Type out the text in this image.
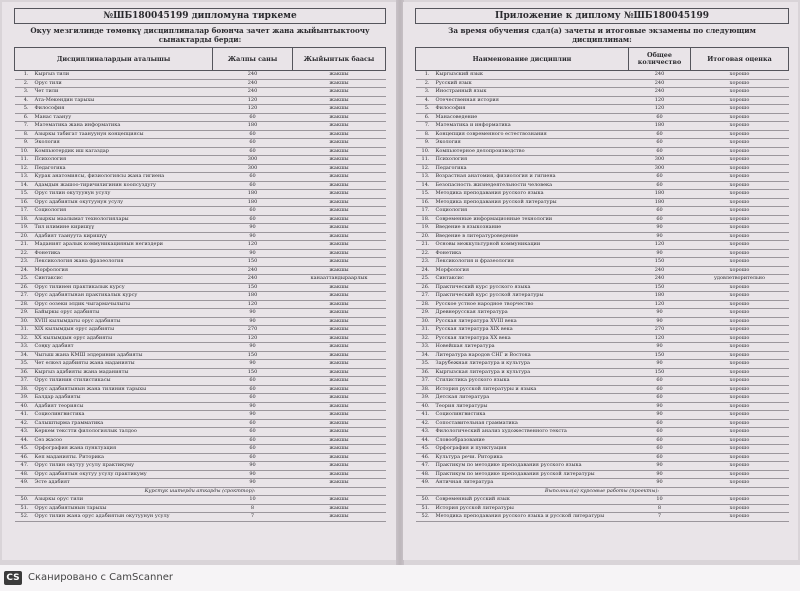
№ШБ180045199 дипломуна тиркеме
Окуу мезгилинде төмөнкү дисциплиналар боюнча зачет жана жыйынтыктоочу сынактарды берди:
Дисциплиналардын аталышы		Жалпы саны	Жыйынтык баасы
1.	Кыргыз тили	240	жакшы
2.	Орус тили	240	жакшы
3.	Чет тили	240	жакшы
4.	Ата-Мекендин тарыхы	120	жакшы
5.	Философия	120	жакшы
6.	Манас таануу	60	жакшы
7.	Математика жана информатика	180	жакшы
8.	Азыркы табигат таануунун концепциясы	60	жакшы
9.	Экология	60	жакшы
10.	Компьютердик иш кагаздар	60	жакшы
11.	Психология	300	жакшы
12.	Педагогика	300	жакшы
13.	Курак анатомиясы, физиологиясы жана гигиена	60	жакшы
14.	Адамдын жашоо-тиричилигинин коопсуздугу	60	жакшы
15.	Орус тилин окутуунун усулу	180	жакшы
16.	Орус адабиятын окутуунун усулу	180	жакшы
17.	Социология	60	жакшы
18.	Азыркы маалымат технологиялары	60	жакшы
19.	Тил илимине киришүү	90	жакшы
20.	Адабият таануута киришүү	90	жакшы
21.	Маданият аралык коммуникациянын негиздери	120	жакшы
22.	Фонетика	90	жакшы
23.	Лексикология жана фразеология	150	жакшы
24.	Морфология	240	жакшы
25.	Синтаксис	240	канааттандыраарлык
26.	Орус тилинен практикалык курсу	150	жакшы
27.	Орус адабиятынан практикалык курсу	180	жакшы
28.	Орус оозеки элдик чыгармачылыгы	120	жакшы
29.	Байыркы орус адабияты	90	жакшы
30.	XVIII кылымдагы орус адабияты	90	жакшы
31.	XIX кылымдын орус адабияты	270	жакшы
32.	XX кылымдын орус адабияты	120	жакшы
33.	Соңку адабият	90	жакшы
34.	Чыгыш жана КМШ элдеринин адабияты	150	жакшы
35.	Чет өлкөл адабияты жана маданияты	90	жакшы
36.	Кыргыз адабияты жана маданияты	150	жакшы
37.	Орус тилинин стилистикасы	60	жакшы
38.	Орус адабиятынын жана тилинин тарыхы	60	жакшы
39.	Балдар адабияты	60	жакшы
40.	Адабият теориясы	90	жакшы
41.	Социолингвистика	90	жакшы
42.	Салыштырма грамматика	60	жакшы
43.	Көркөм текстти филологиялык талдоо	60	жакшы
44.	Сөз жасоо	60	жакшы
45.	Орфография жана пунктуация	60	жакшы
46.	Кеп маданияты. Риторика	60	жакшы
47.	Орус тилин окутуу усулу практикуму	90	жакшы
48.	Орус адабиятын окутуу усулу практикуму	90	жакшы
49.	Эсте адабият	90	жакшы
Курстук иштерди аткарды (срокттор):			
50.	Азыркы орус тили	10	жакшы
51.	Орус адабиятынын тарыхы	8	жакшы
52.	Орус тилин жана орус адабиятын окутуунун усулу	7	жакшы
Приложение к диплому №ШБ180045199
За время обучения сдал(а) зачеты и итоговые экзамены по следующим дисциплинам:
Наименование дисциплин		Общее количество	Итоговая оценка
1.	Кыргызский язык	240	хорошо
2.	Русский язык	240	хорошо
3.	Иностранный язык	240	хорошо
4.	Отечественная история	120	хорошо
5.	Философия	120	хорошо
6.	Манасоведение	60	хорошо
7.	Математика и информатика	180	хорошо
8.	Концепция современного естествознания	60	хорошо
9.	Экология	60	хорошо
10.	Компьютерное делопроизводство	60	хорошо
11.	Психология	300	хорошо
12.	Педагогика	300	хорошо
13.	Возрастная анатомия, физиология и гигиена	60	хорошо
14.	Безопасность жизнедеятельности человека	60	хорошо
15.	Методика преподавания русского языка	180	хорошо
16.	Методика преподавания русской литературы	180	хорошо
17.	Социология	60	хорошо
18.	Современные информационные технологии	60	хорошо
19.	Введение в языкознание	90	хорошо
20.	Введение в литературоведение	90	хорошо
21.	Основы межкультурной коммуникации	120	хорошо
22.	Фонетика	90	хорошо
23.	Лексикология и фразеология	150	хорошо
24.	Морфология	240	хорошо
25.	Синтаксис	240	удовлетворительно
26.	Практический курс русского языка	150	хорошо
27.	Практический курс русской литературы	180	хорошо
28.	Русское устное народное творчество	120	хорошо
29.	Древнерусская литература	90	хорошо
30.	Русская литература XVIII века	90	хорошо
31.	Русская литература XIX века	270	хорошо
32.	Русская литература XX века	120	хорошо
33.	Новейшая литература	90	хорошо
34.	Литература народов СНГ и Востока	150	хорошо
35.	Зарубежная литература и культура	90	хорошо
36.	Кыргызская литература и культура	150	хорошо
37.	Стилистика русского языка	60	хорошо
38.	История русской литературы и языка	60	хорошо
39.	Детская литература	60	хорошо
40.	Теория литературы	90	хорошо
41.	Социолингвистика	90	хорошо
42.	Сопоставительная грамматика	60	хорошо
43.	Филологический анализ художественного текста	60	хорошо
44.	Словообразование	60	хорошо
45.	Орфография и пунктуация	60	хорошо
46.	Культура речи. Риторика	60	хорошо
47.	Практикум по методике преподавания русского языка	90	хорошо
48.	Практикум по методике преподавания русской литературы	90	хорошо
49.	Античная литература	90	хорошо
Выполнил(а) курсовые работы (проекты):			
50.	Современный русский язык	10	хорошо
51.	История русской литературы	8	хорошо
52.	Методика преподавания русского языка и русской литературы	7	хорошо
CS Сканировано с CamScanner
